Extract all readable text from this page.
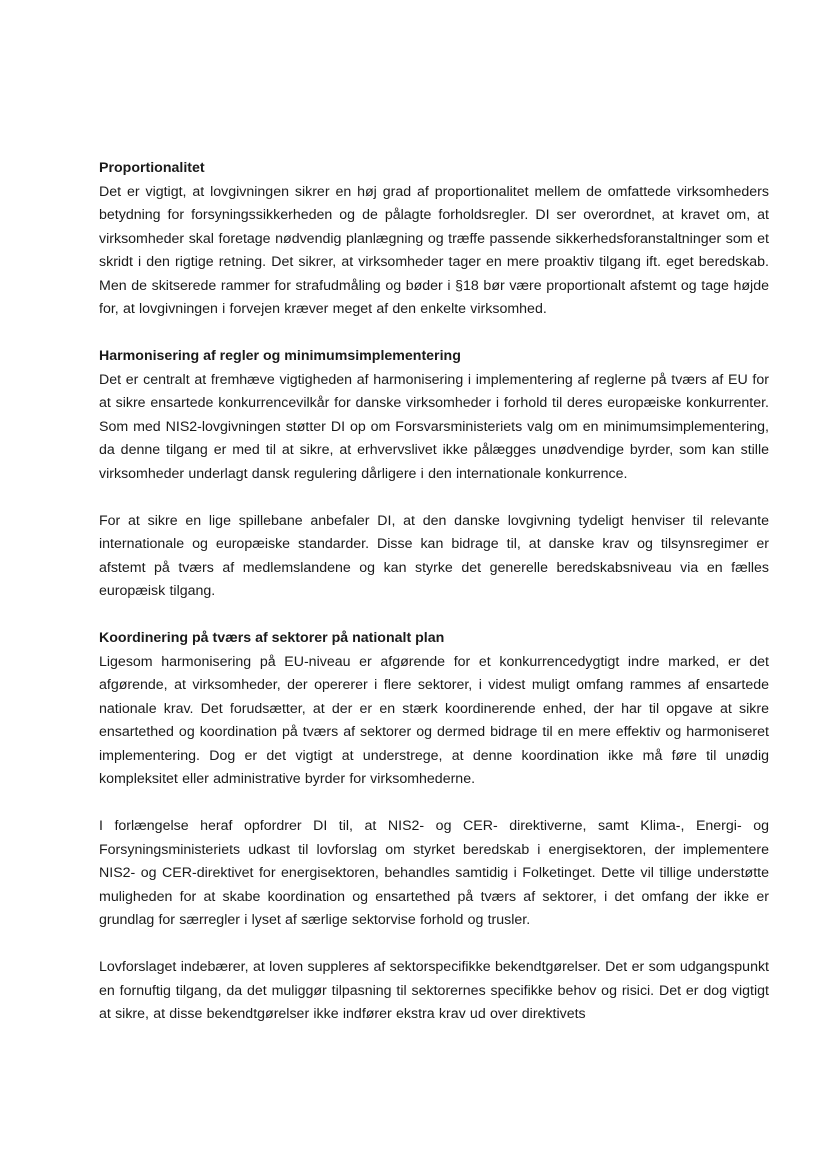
Proportionalitet

Det er vigtigt, at lovgivningen sikrer en høj grad af proportionalitet mellem de omfattede virksomheders betydning for forsyningssikkerheden og de pålagte forholdsregler. DI ser overordnet, at kravet om, at virksomheder skal foretage nødvendig planlægning og træffe passende sikkerhedsforanstaltninger som et skridt i den rigtige retning. Det sikrer, at virksomheder tager en mere proaktiv tilgang ift. eget beredskab. Men de skitserede rammer for strafudmåling og bøder i §18 bør være proportionalt afstemt og tage højde for, at lovgivningen i forvejen kræver meget af den enkelte virksomhed.

Harmonisering af regler og minimumsimplementering

Det er centralt at fremhæve vigtigheden af harmonisering i implementering af reglerne på tværs af EU for at sikre ensartede konkurrencevilkår for danske virksomheder i forhold til deres europæiske konkurrenter. Som med NIS2-lovgivningen støtter DI op om Forsvarsministeriets valg om en minimumsimplementering, da denne tilgang er med til at sikre, at erhvervslivet ikke pålægges unødvendige byrder, som kan stille virksomheder underlagt dansk regulering dårligere i den internationale konkurrence.

For at sikre en lige spillebane anbefaler DI, at den danske lovgivning tydeligt henviser til relevante internationale og europæiske standarder. Disse kan bidrage til, at danske krav og tilsynsregimer er afstemt på tværs af medlemslandene og kan styrke det generelle beredskabsniveau via en fælles europæisk tilgang.

Koordinering på tværs af sektorer på nationalt plan

Ligesom harmonisering på EU-niveau er afgørende for et konkurrencedygtigt indre marked, er det afgørende, at virksomheder, der opererer i flere sektorer, i videst muligt omfang rammes af ensartede nationale krav. Det forudsætter, at der er en stærk koordinerende enhed, der har til opgave at sikre ensartethed og koordination på tværs af sektorer og dermed bidrage til en mere effektiv og harmoniseret implementering. Dog er det vigtigt at understrege, at denne koordination ikke må føre til unødig kompleksitet eller administrative byrder for virksomhederne.

I forlængelse heraf opfordrer DI til, at NIS2- og CER- direktiverne, samt Klima-, Energi- og Forsyningsministeriets udkast til lovforslag om styrket beredskab i energisektoren, der implementere NIS2- og CER-direktivet for energisektoren, behandles samtidig i Folketinget. Dette vil tillige understøtte muligheden for at skabe koordination og ensartethed på tværs af sektorer, i det omfang der ikke er grundlag for særregler i lyset af særlige sektorvise forhold og trusler.

Lovforslaget indebærer, at loven suppleres af sektorspecifikke bekendtgørelser. Det er som udgangspunkt en fornuftig tilgang, da det muliggør tilpasning til sektorernes specifikke behov og risici. Det er dog vigtigt at sikre, at disse bekendtgørelser ikke indfører ekstra krav ud over direktivets
